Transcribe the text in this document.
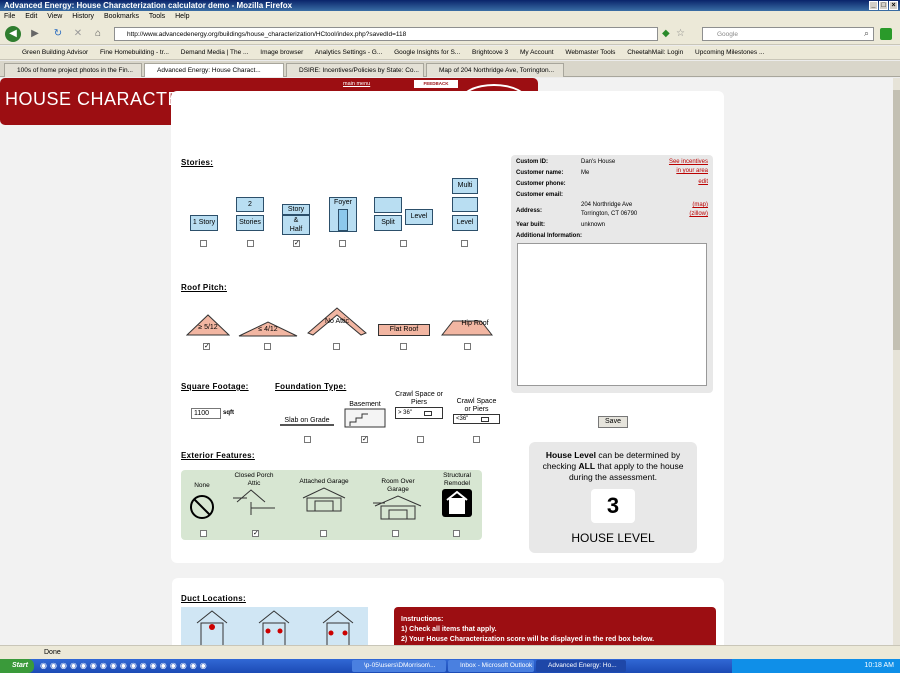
Advanced Energy: House Characterization calculator demo - Mozilla Firefox	_ □ ×
File Edit View History Bookmarks Tools Help
◀	▶	↻	✕	⌂	http://www.advancedenergy.org/buildings/house_characterization/HCtool/index.php?savedId=118	◆ ☆	Google	⌕
Green Building Advisor Fine Homebuilding - tr... Demand Media | The ... Image browser Analytics Settings - G... Google Insights for S... Brightcove 3 My Account Webmaster Tools CheetahMail: Login Upcoming Milestones ...
100s of home project photos in the Fin...	Advanced Energy: House Charact...	DSIRE: Incentives/Policies by State: Co...	Map of 204 Northridge Ave, Torrington...
HOUSE CHARACTERIZATION FORM
main menu	FEEDBACK
logout
version 1.3 β - NOT FOR DISTRIBUTION
Advanced
ENERGY
Stories:
1 Story
2
Stories
Story
&
Half
Foyer
Split
Level
Multi
Level
✓
Roof Pitch:
≥ 5/12	≤ 4/12
No Attic
Flat Roof
Hip Roof
✓
Square Footage:
1100	sqft
Foundation Type:
Slab on Grade
Basement
Crawl Space or Piers
> 36"
Crawl Space or Piers
<36"
✓
Exterior Features:
None
Closed Porch Attic	Attached Garage	Room Over Garage
Structural Remodel
✓
Custom ID:	Dan's House
Customer name:	Me
Customer phone:
Customer email:
Address:
204 Northridge Ave
Torrington, CT 06790
Year built:	unknown
Additional Information:
See incentives
in your area
edit
(map)
(zillow)
Save
House Level can be determined by checking ALL that apply to the house during the assessment.
3
HOUSE LEVEL
Duct Locations:
Instructions:
1) Check all items that apply.
2) Your House Characterization score will be displayed in the red box below.
Done
Start	◉◉◉◉◉◉◉◉◉◉◉◉◉◉◉◉◉	\p-05\users\DMorrison\...	Inbox - Microsoft Outlook	Advanced Energy: Ho...	10:18 AM
